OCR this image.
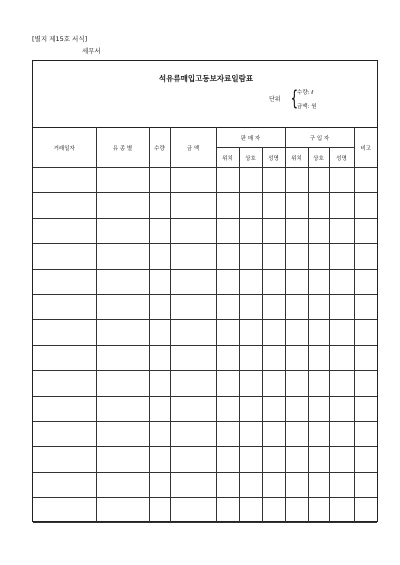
[별지 제15호 서식]
세무서
석유류매입고동보자료일람표
단위 {
수량: ℓ
금액: 원
거래일자	유 종 별	수량	금 액	판 매 자			구 입 자			비고
				위치	상호	성명	위치	상호	성명	
